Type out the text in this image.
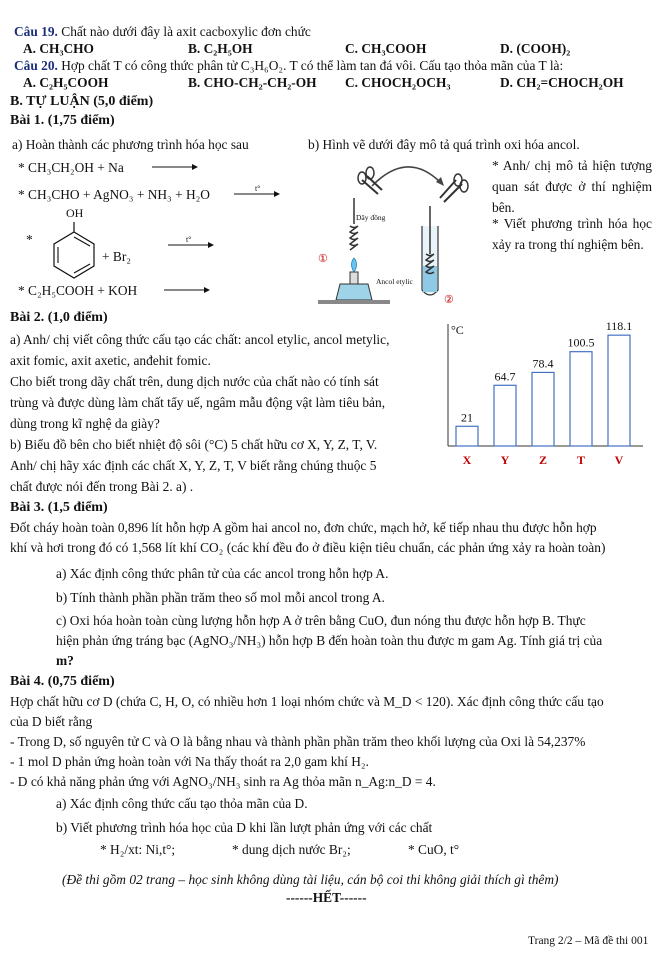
Câu 19. Chất nào dưới đây là axit cacboxylic đơn chức
A. CH₃CHO	B. C₂H₅OH	C. CH₃COOH	D. (COOH)₂
Câu 20. Hợp chất T có công thức phân tử C₃H₆O₂. T có thể làm tan đá vôi. Cấu tạo thỏa mãn của T là:
A. C₂H₅COOH	B. CHO-CH₂-CH₂-OH C. CHOCH₂OCH₃	D. CH₂=CHOCH₂OH
B. TỰ LUẬN (5,0 điểm)
Bài 1. (1,75 điểm)
a) Hoàn thành các phương trình hóa học sau
* CH₃CH₂OH + Na
* CH₃CHO + AgNO₃ + NH₃ + H₂O	t°
OH
*
+ Br₂
t°
* C₂H₅COOH + KOH
b) Hình vẽ dưới đây mô tả quá trình oxi hóa ancol.
* Anh/ chị mô tả hiện tượng quan sát được ở thí nghiệm bên.
* Viết phương trình hóa học xảy ra trong thí nghiệm bên.
Dây đồng
Ancol etylic
①
②
Bài 2. (1,0 điểm)
a) Anh/ chị viết công thức cấu tạo các chất: ancol etylic, ancol metylic,
axit fomic, axit axetic, anđehit fomic.
Cho biết trong dãy chất trên, dung dịch nước của chất nào có tính sát
trùng và được dùng làm chất tẩy uế, ngâm mẫu động vật làm tiêu bản,
dùng trong kĩ nghệ da giày?
b) Biểu đồ bên cho biết nhiệt độ sôi (°C) 5 chất hữu cơ X, Y, Z, T, V.
Anh/ chị hãy xác định các chất X, Y, Z, T, V biết rằng chúng thuộc 5
chất được nói đến trong Bài 2. a) .
°C
21
X
64.7
Y
78.4
Z
100.5
T
118.1
V
Bài 3. (1,5 điểm)
Đốt cháy hoàn toàn 0,896 lít hỗn hợp A gồm hai ancol no, đơn chức, mạch hở, kế tiếp nhau thu được hỗn hợp
khí và hơi trong đó có 1,568 lít khí CO₂ (các khí đều đo ở điều kiện tiêu chuẩn, các phản ứng xảy ra hoàn toàn)
a) Xác định công thức phân tử của các ancol trong hỗn hợp A.
b) Tính thành phần phần trăm theo số mol mỗi ancol trong A.
c) Oxi hóa hoàn toàn cùng lượng hỗn hợp A ở trên bằng CuO, đun nóng thu được hỗn hợp B. Thực
hiện phản ứng tráng bạc (AgNO₃/NH₃) hỗn hợp B đến hoàn toàn thu được m gam Ag. Tính giá trị của
m?
Bài 4. (0,75 điểm)
Hợp chất hữu cơ D (chứa C, H, O, có nhiều hơn 1 loại nhóm chức và M_D < 120). Xác định công thức cấu tạo
của D biết rằng
- Trong D, số nguyên tử C và O là bằng nhau và thành phần phần trăm theo khối lượng của Oxi là 54,237%
- 1 mol D phản ứng hoàn toàn với Na thấy thoát ra 2,0 gam khí H₂.
- D có khả năng phản ứng với AgNO₃/NH₃ sinh ra Ag thỏa mãn n_Ag:n_D = 4.
a) Xác định công thức cấu tạo thỏa mãn của D.
b) Viết phương trình hóa học của D khi lần lượt phản ứng với các chất
* H₂/xt: Ni,t°;	* dung dịch nước Br₂;	* CuO, t°
(Đề thi gồm 02 trang – học sinh không dùng tài liệu, cán bộ coi thi không giải thích gì thêm)
------HẾT------
Trang 2/2 – Mã đề thi 001
